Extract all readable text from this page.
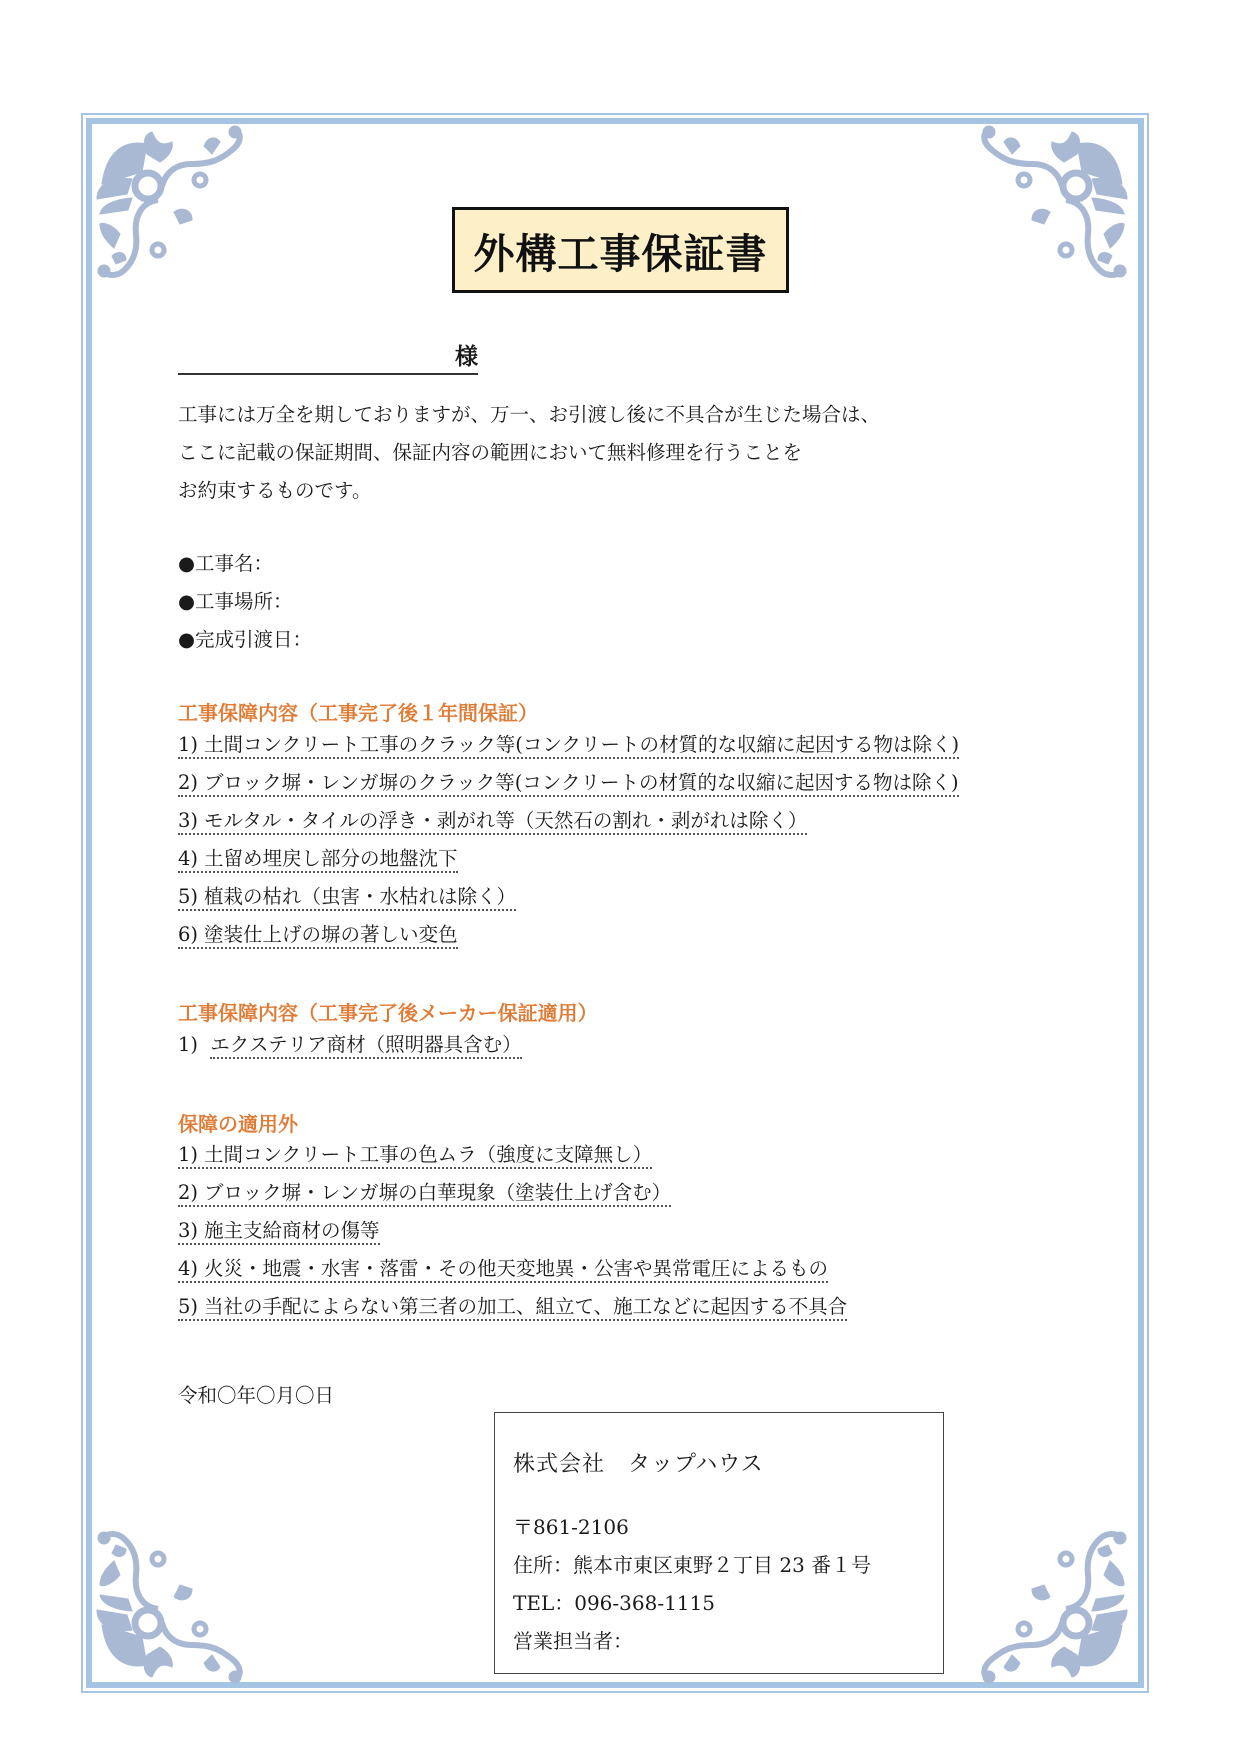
外構工事保証書
様
工事には万全を期しておりますが、万一、お引渡し後に不具合が生じた場合は、
ここに記載の保証期間、保証内容の範囲において無料修理を行うことを
お約束するものです。
●工事名：
●工事場所：
●完成引渡日：
工事保障内容（工事完了後１年間保証）
1) 土間コンクリート工事のクラック等(コンクリートの材質的な収縮に起因する物は除く)
2) ブロック塀・レンガ塀のクラック等(コンクリートの材質的な収縮に起因する物は除く)
3) モルタル・タイルの浮き・剥がれ等（天然石の割れ・剥がれは除く）
4) 土留め埋戻し部分の地盤沈下
5) 植栽の枯れ（虫害・水枯れは除く）
6) 塗装仕上げの塀の著しい変色
工事保障内容（工事完了後メーカー保証適用）
1) エクステリア商材（照明器具含む）
保障の適用外
1) 土間コンクリート工事の色ムラ（強度に支障無し）
2) ブロック塀・レンガ塀の白華現象（塗装仕上げ含む）
3) 施主支給商材の傷等
4) 火災・地震・水害・落雷・その他天変地異・公害や異常電圧によるもの
5) 当社の手配によらない第三者の加工、組立て、施工などに起因する不具合
令和〇年〇月〇日
株式会社　タップハウス
〒861-2106
住所：熊本市東区東野２丁目 23 番１号
TEL：096-368-1115
営業担当者：
